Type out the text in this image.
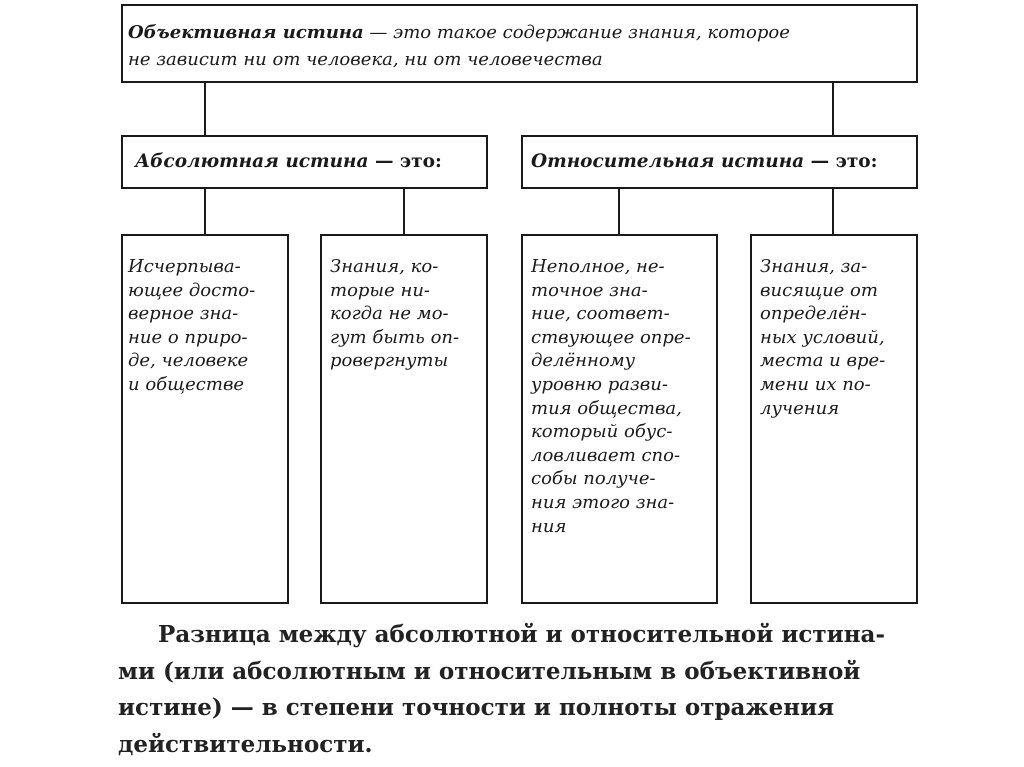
Объективная истина — это такое содержание знания, которое
не зависит ни от человека, ни от человечества
Абсолютная истина — это:	Относительная истина — это:
Исчерпыва-
ющее досто-
верное зна-
ние о приро-
де, человеке
и обществе
Знания, ко-
торые ни-
когда не мо-
гут быть оп-
ровергнуты
Неполное, не-
точное зна-
ние, соответ-
ствующее опре-
делённому
уровню разви-
тия общества,
который обус-
ловливает спо-
собы получе-
ния этого зна-
ния
Знания, за-
висящие от
определён-
ных условий,
места и вре-
мени их по-
лучения
Разница между абсолютной и относительной истина-
ми (или абсолютным и относительным в объективной
истине) — в степени точности и полноты отражения
действительности.
